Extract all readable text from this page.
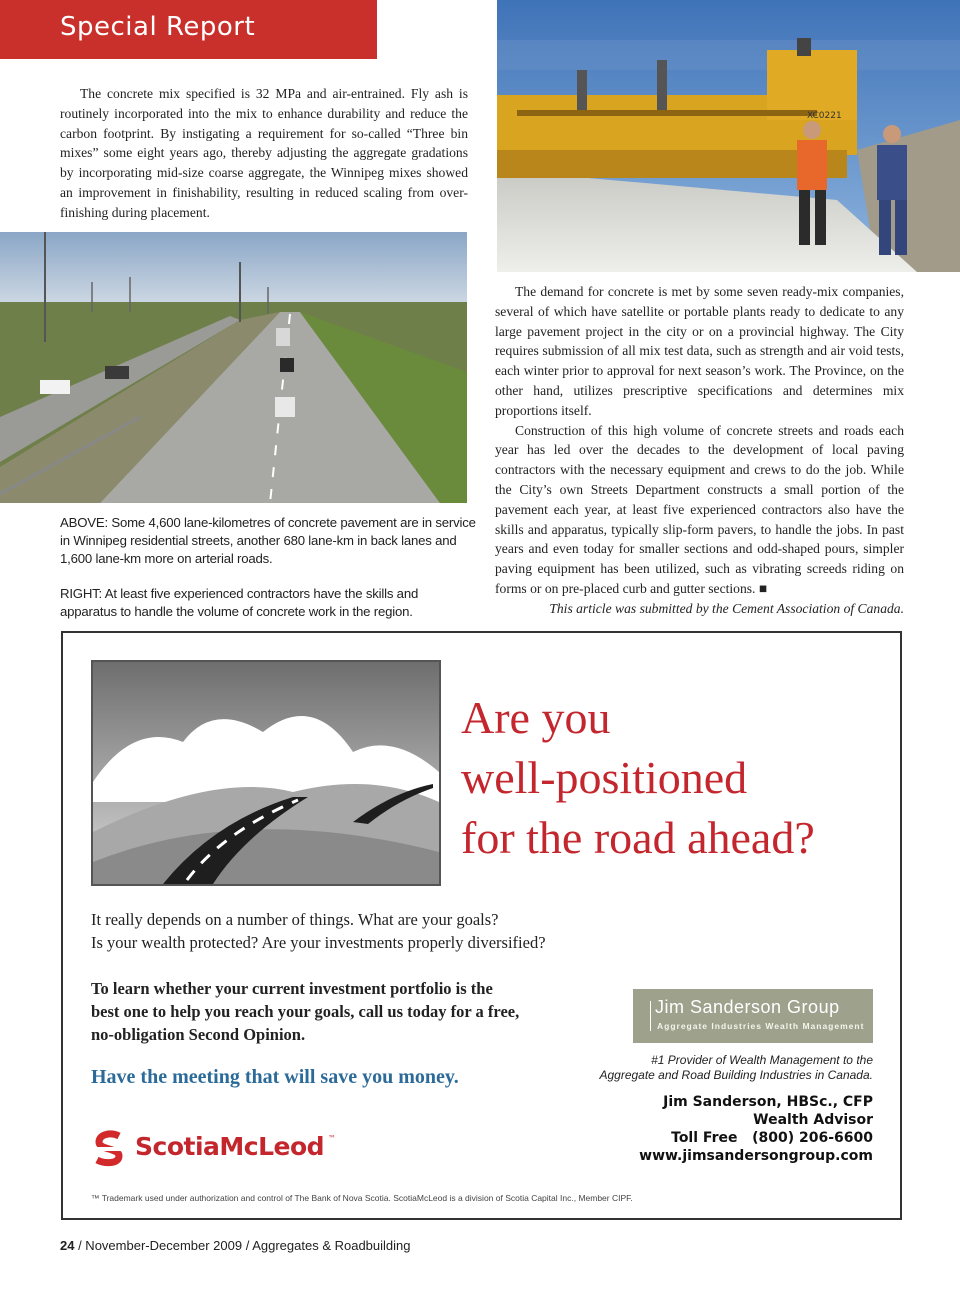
Special Report

The concrete mix specified is 32 MPa and air-entrained. Fly ash is routinely incorporated into the mix to enhance durability and reduce the carbon footprint. By instigating a requirement for so-called “Three bin mixes” some eight years ago, thereby adjusting the aggregate gradations by incorporating mid-size coarse aggregate, the Winnipeg mixes showed an improvement in finishability, resulting in reduced scaling from over-finishing during placement.

XC0221

ABOVE: Some 4,600 lane-kilometres of concrete pavement are in service in Winnipeg residential streets, another 680 lane-km in back lanes and 1,600 lane-km more on arterial roads.

RIGHT: At least five experienced contractors have the skills and apparatus to handle the volume of concrete work in the region.

The demand for concrete is met by some seven ready-mix companies, several of which have satellite or portable plants ready to dedicate to any large pavement project in the city or on a provincial highway. The City requires submission of all mix test data, such as strength and air void tests, each winter prior to approval for next season’s work. The Province, on the other hand, utilizes prescriptive specifications and determines mix proportions itself.

Construction of this high volume of concrete streets and roads each year has led over the decades to the development of local paving contractors with the necessary equipment and crews to do the job. While the City’s own Streets Department constructs a small portion of the pavement each year, at least five experienced contractors also have the skills and apparatus, typically slip-form pavers, to handle the jobs. In past years and even today for smaller sections and odd-shaped pours, simpler paving equipment has been utilized, such as vibrating screeds riding on forms or on pre-placed curb and gutter sections. ■

This article was submitted by the Cement Association of Canada.

Are you
well-positioned
for the road ahead?
It really depends on a number of things. What are your goals?
Is your wealth protected? Are your investments properly diversified?
To learn whether your current investment portfolio is the
best one to help you reach your goals, call us today for a free,
no-obligation Second Opinion.
Have the meeting that will save you money.
ScotiaMcLeod ™
Jim Sanderson Group
Aggregate Industries Wealth Management
#1 Provider of Wealth Management to the
Aggregate and Road Building Industries in Canada.
Jim Sanderson, HBSc., CFP
Wealth Advisor
Toll Free (800) 206-6600
www.jimsandersongroup.com
™ Trademark used under authorization and control of The Bank of Nova Scotia. ScotiaMcLeod is a division of Scotia Capital Inc., Member CIPF.
24 / November-December 2009 / Aggregates & Roadbuilding
